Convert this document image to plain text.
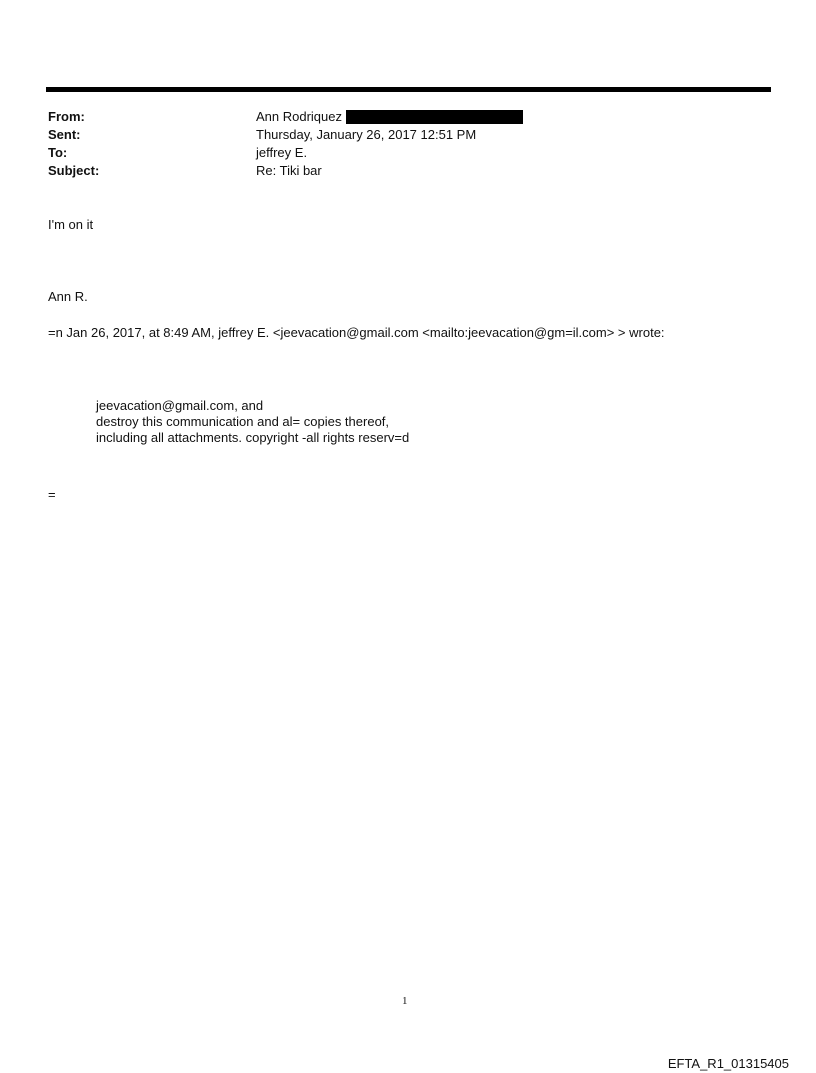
From:	Ann Rodriquez
Sent:	Thursday, January 26, 2017 12:51 PM
To:	jeffrey E.
Subject:	Re: Tiki bar
I'm on it
Ann R.
=n Jan 26, 2017, at 8:49 AM, jeffrey E. <jeevacation@gmail.com <mailto:jeevacation@gm=il.com> > wrote:
jeevacation@gmail.com, and
destroy this communication and al= copies thereof,
including all attachments. copyright -all rights reserv=d
=
1
EFTA_R1_01315405
